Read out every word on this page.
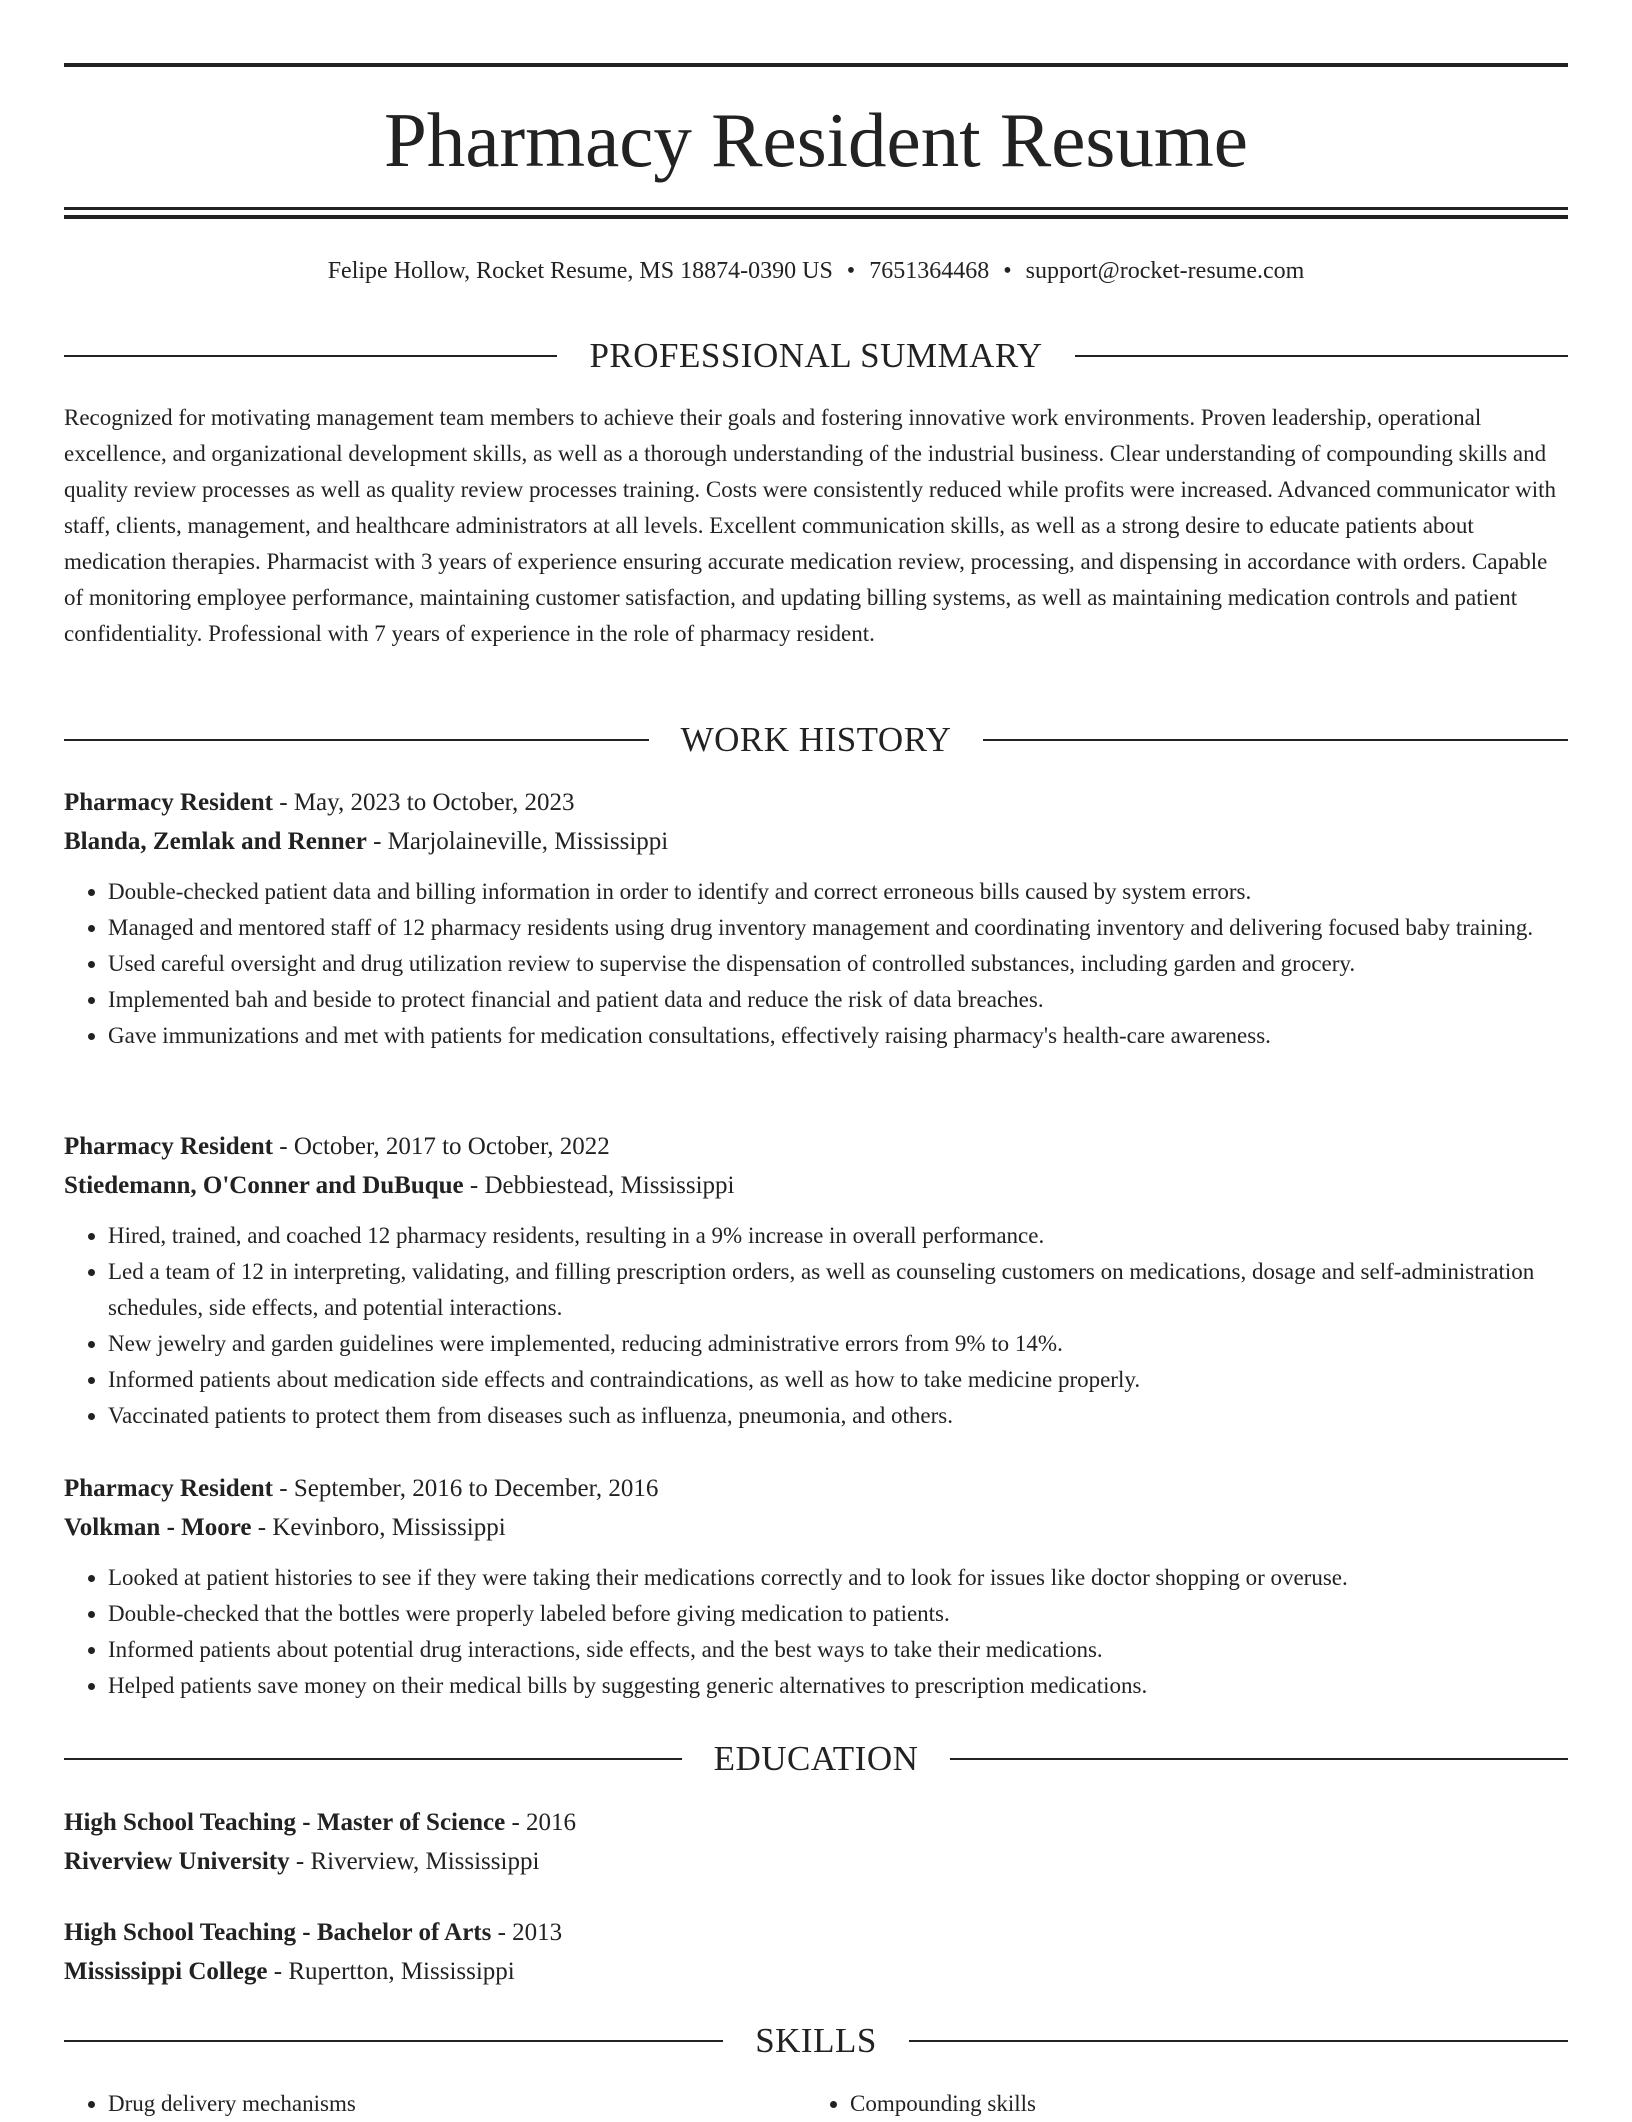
Pharmacy Resident Resume
Felipe Hollow, Rocket Resume, MS 18874-0390 US • 7651364468 • support@rocket-resume.com
PROFESSIONAL SUMMARY

Recognized for motivating management team members to achieve their goals and fostering innovative work environments. Proven leadership, operational excellence, and organizational development skills, as well as a thorough understanding of the industrial business. Clear understanding of compounding skills and quality review processes as well as quality review processes training. Costs were consistently reduced while profits were increased. Advanced communicator with staff, clients, management, and healthcare administrators at all levels. Excellent communication skills, as well as a strong desire to educate patients about medication therapies. Pharmacist with 3 years of experience ensuring accurate medication review, processing, and dispensing in accordance with orders. Capable of monitoring employee performance, maintaining customer satisfaction, and updating billing systems, as well as maintaining medication controls and patient confidentiality. Professional with 7 years of experience in the role of pharmacy resident.

WORK HISTORY

Pharmacy Resident - May, 2023 to October, 2023

Blanda, Zemlak and Renner - Marjolaineville, Mississippi

• Double-checked patient data and billing information in order to identify and correct erroneous bills caused by system errors.
• Managed and mentored staff of 12 pharmacy residents using drug inventory management and coordinating inventory and delivering focused baby training.
• Used careful oversight and drug utilization review to supervise the dispensation of controlled substances, including garden and grocery.
• Implemented bah and beside to protect financial and patient data and reduce the risk of data breaches.
• Gave immunizations and met with patients for medication consultations, effectively raising pharmacy's health-care awareness.

Pharmacy Resident - October, 2017 to October, 2022

Stiedemann, O'Conner and DuBuque - Debbiestead, Mississippi

• Hired, trained, and coached 12 pharmacy residents, resulting in a 9% increase in overall performance.
• Led a team of 12 in interpreting, validating, and filling prescription orders, as well as counseling customers on medications, dosage and self-administration schedules, side effects, and potential interactions.
• New jewelry and garden guidelines were implemented, reducing administrative errors from 9% to 14%.
• Informed patients about medication side effects and contraindications, as well as how to take medicine properly.
• Vaccinated patients to protect them from diseases such as influenza, pneumonia, and others.

Pharmacy Resident - September, 2016 to December, 2016

Volkman - Moore - Kevinboro, Mississippi

• Looked at patient histories to see if they were taking their medications correctly and to look for issues like doctor shopping or overuse.
• Double-checked that the bottles were properly labeled before giving medication to patients.
• Informed patients about potential drug interactions, side effects, and the best ways to take their medications.
• Helped patients save money on their medical bills by suggesting generic alternatives to prescription medications.
EDUCATION

High School Teaching - Master of Science - 2016

Riverview University - Riverview, Mississippi

High School Teaching - Bachelor of Arts - 2013

Mississippi College - Rupertton, Mississippi

SKILLS
• Drug delivery mechanisms
•	Compounding skills
